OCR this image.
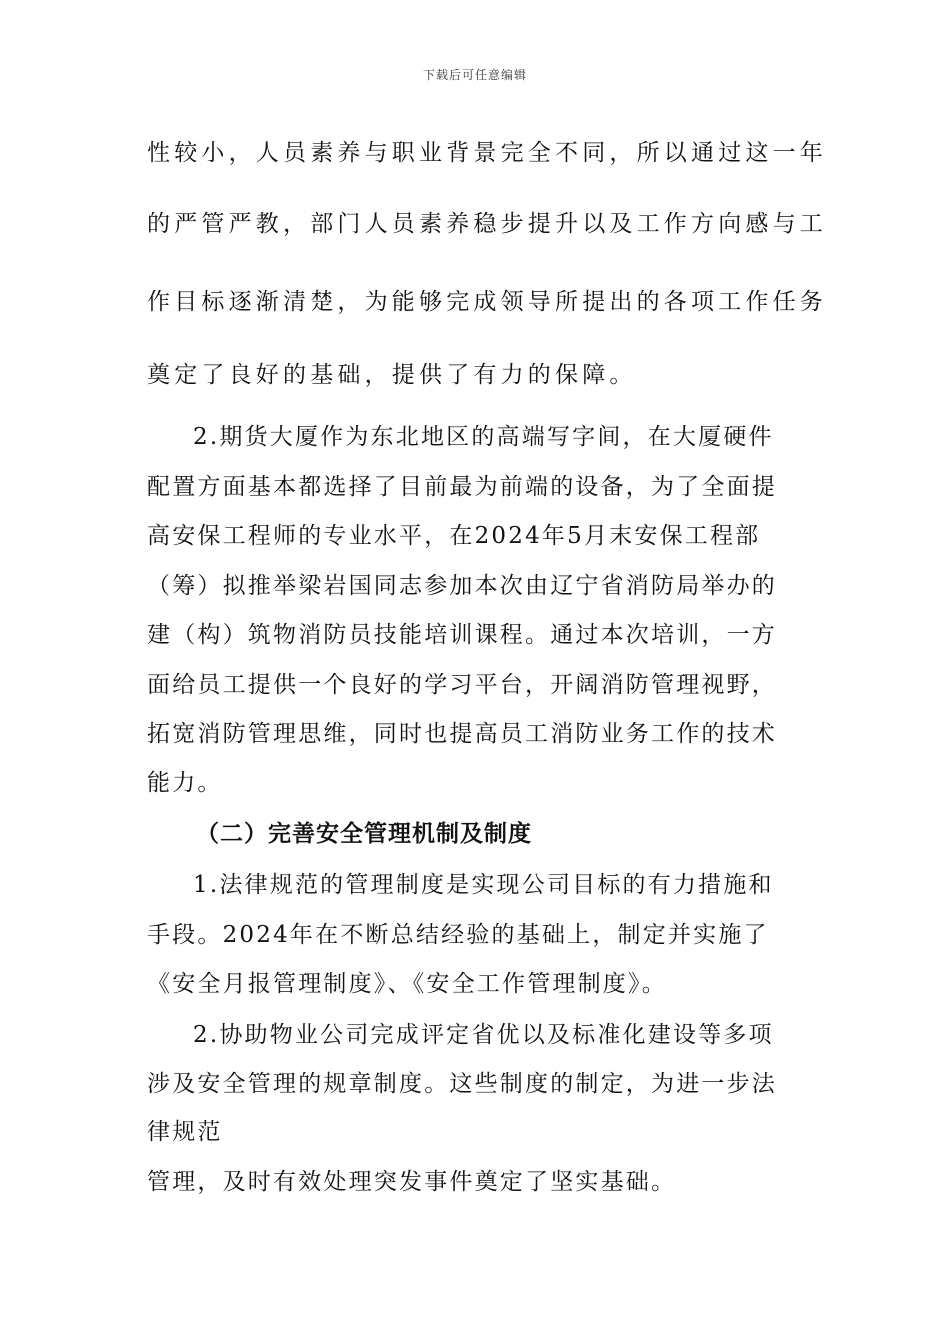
下载后可任意编辑
性较小，人员素养与职业背景完全不同，所以通过这一年
的严管严教，部门人员素养稳步提升以及工作方向感与工
作目标逐渐清楚，为能够完成领导所提出的各项工作任务
奠定了良好的基础，提供了有力的保障。
2.期货大厦作为东北地区的高端写字间，在大厦硬件
配置方面基本都选择了目前最为前端的设备，为了全面提
高安保工程师的专业水平，在2024年5月末安保工程部
（筹）拟推举梁岩国同志参加本次由辽宁省消防局举办的
建（构）筑物消防员技能培训课程。通过本次培训，一方
面给员工提供一个良好的学习平台，开阔消防管理视野，
拓宽消防管理思维，同时也提高员工消防业务工作的技术
能力。
（二）完善安全管理机制及制度
1.法律规范的管理制度是实现公司目标的有力措施和
手段。2024年在不断总结经验的基础上，制定并实施了
《安全月报管理制度》、《安全工作管理制度》。
2.协助物业公司完成评定省优以及标准化建设等多项
涉及安全管理的规章制度。这些制度的制定，为进一步法
律规范
管理，及时有效处理突发事件奠定了坚实基础。
